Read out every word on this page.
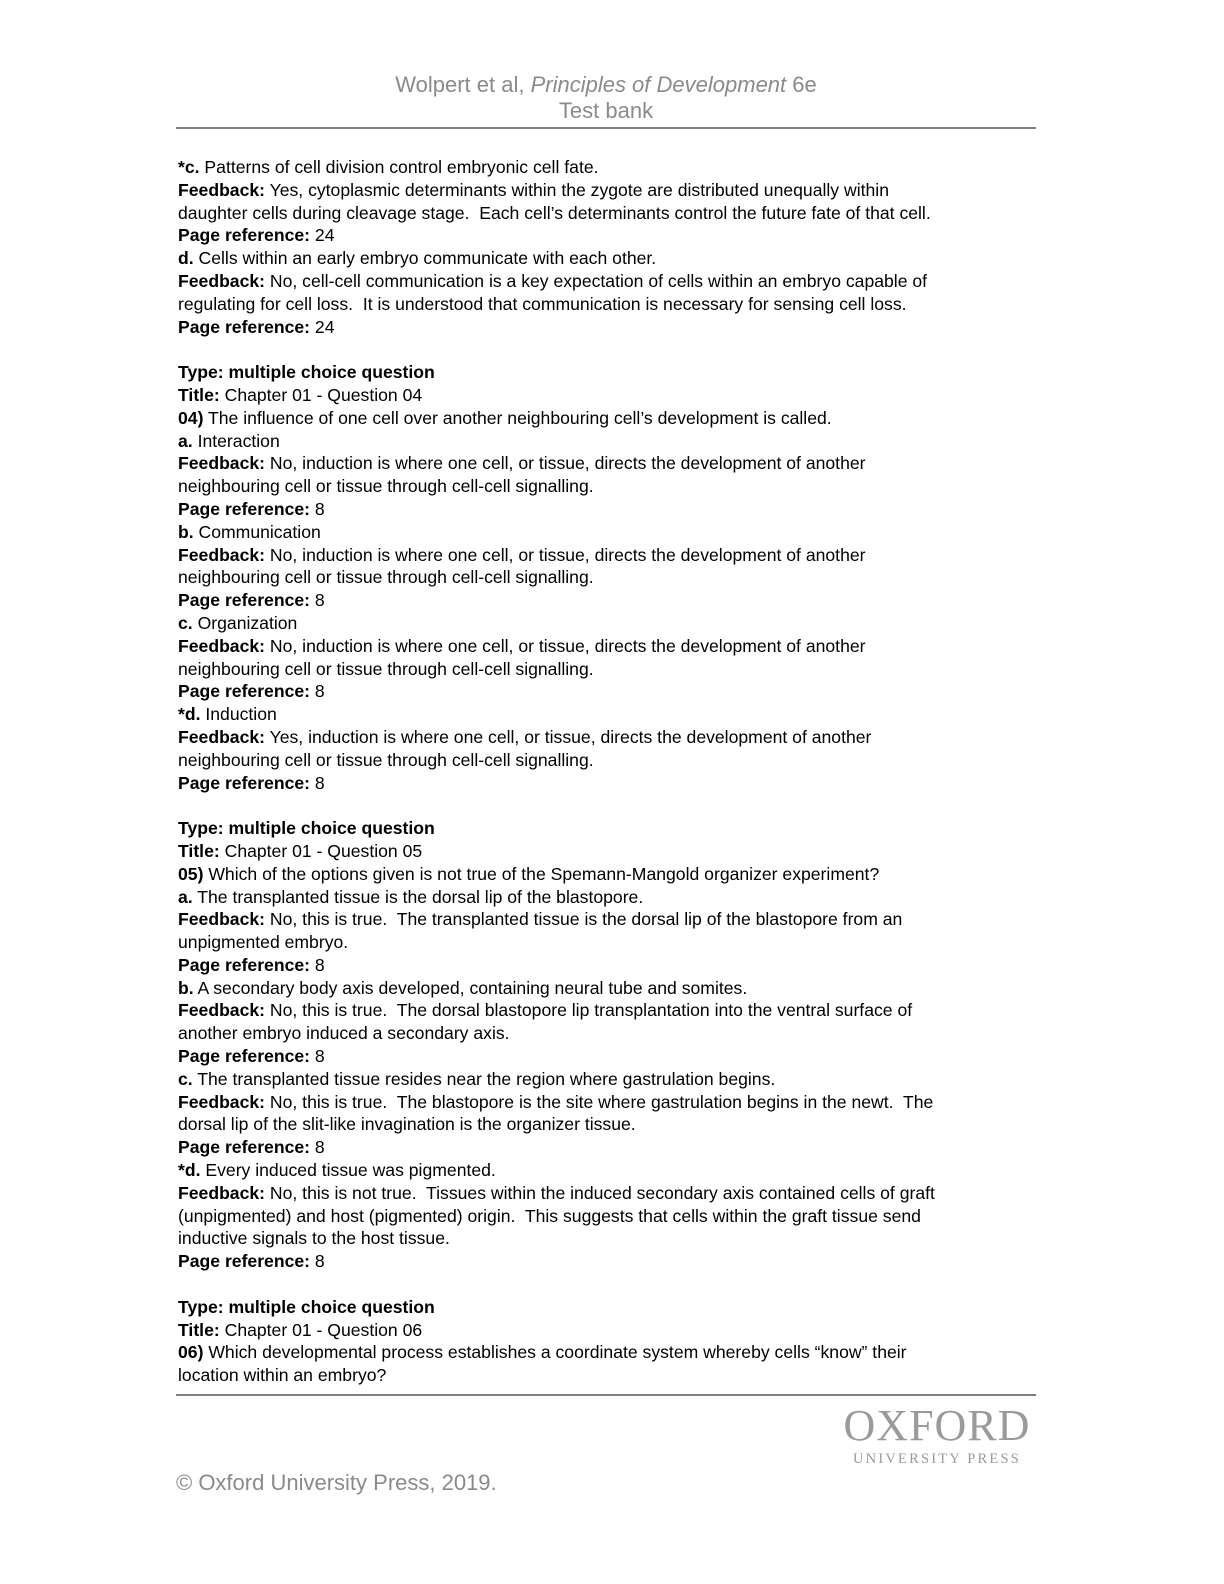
Wolpert et al, Principles of Development 6e
Test bank
*c. Patterns of cell division control embryonic cell fate.
Feedback: Yes, cytoplasmic determinants within the zygote are distributed unequally within
daughter cells during cleavage stage.  Each cell’s determinants control the future fate of that cell.
Page reference: 24
d. Cells within an early embryo communicate with each other.
Feedback: No, cell-cell communication is a key expectation of cells within an embryo capable of
regulating for cell loss.  It is understood that communication is necessary for sensing cell loss.
Page reference: 24
Type: multiple choice question
Title: Chapter 01 - Question 04
04) The influence of one cell over another neighbouring cell’s development is called.
a. Interaction
Feedback: No, induction is where one cell, or tissue, directs the development of another
neighbouring cell or tissue through cell-cell signalling.
Page reference: 8
b. Communication
Feedback: No, induction is where one cell, or tissue, directs the development of another
neighbouring cell or tissue through cell-cell signalling.
Page reference: 8
c. Organization
Feedback: No, induction is where one cell, or tissue, directs the development of another
neighbouring cell or tissue through cell-cell signalling.
Page reference: 8
*d. Induction
Feedback: Yes, induction is where one cell, or tissue, directs the development of another
neighbouring cell or tissue through cell-cell signalling.
Page reference: 8
Type: multiple choice question
Title: Chapter 01 - Question 05
05) Which of the options given is not true of the Spemann-Mangold organizer experiment?
a. The transplanted tissue is the dorsal lip of the blastopore.
Feedback: No, this is true.  The transplanted tissue is the dorsal lip of the blastopore from an
unpigmented embryo.
Page reference: 8
b. A secondary body axis developed, containing neural tube and somites.
Feedback: No, this is true.  The dorsal blastopore lip transplantation into the ventral surface of
another embryo induced a secondary axis.
Page reference: 8
c. The transplanted tissue resides near the region where gastrulation begins.
Feedback: No, this is true.  The blastopore is the site where gastrulation begins in the newt.  The
dorsal lip of the slit-like invagination is the organizer tissue.
Page reference: 8
*d. Every induced tissue was pigmented.
Feedback: No, this is not true.  Tissues within the induced secondary axis contained cells of graft
(unpigmented) and host (pigmented) origin.  This suggests that cells within the graft tissue send
inductive signals to the host tissue.
Page reference: 8
Type: multiple choice question
Title: Chapter 01 - Question 06
06) Which developmental process establishes a coordinate system whereby cells “know” their
location within an embryo?
OXFORD
UNIVERSITY PRESS
© Oxford University Press, 2019.
